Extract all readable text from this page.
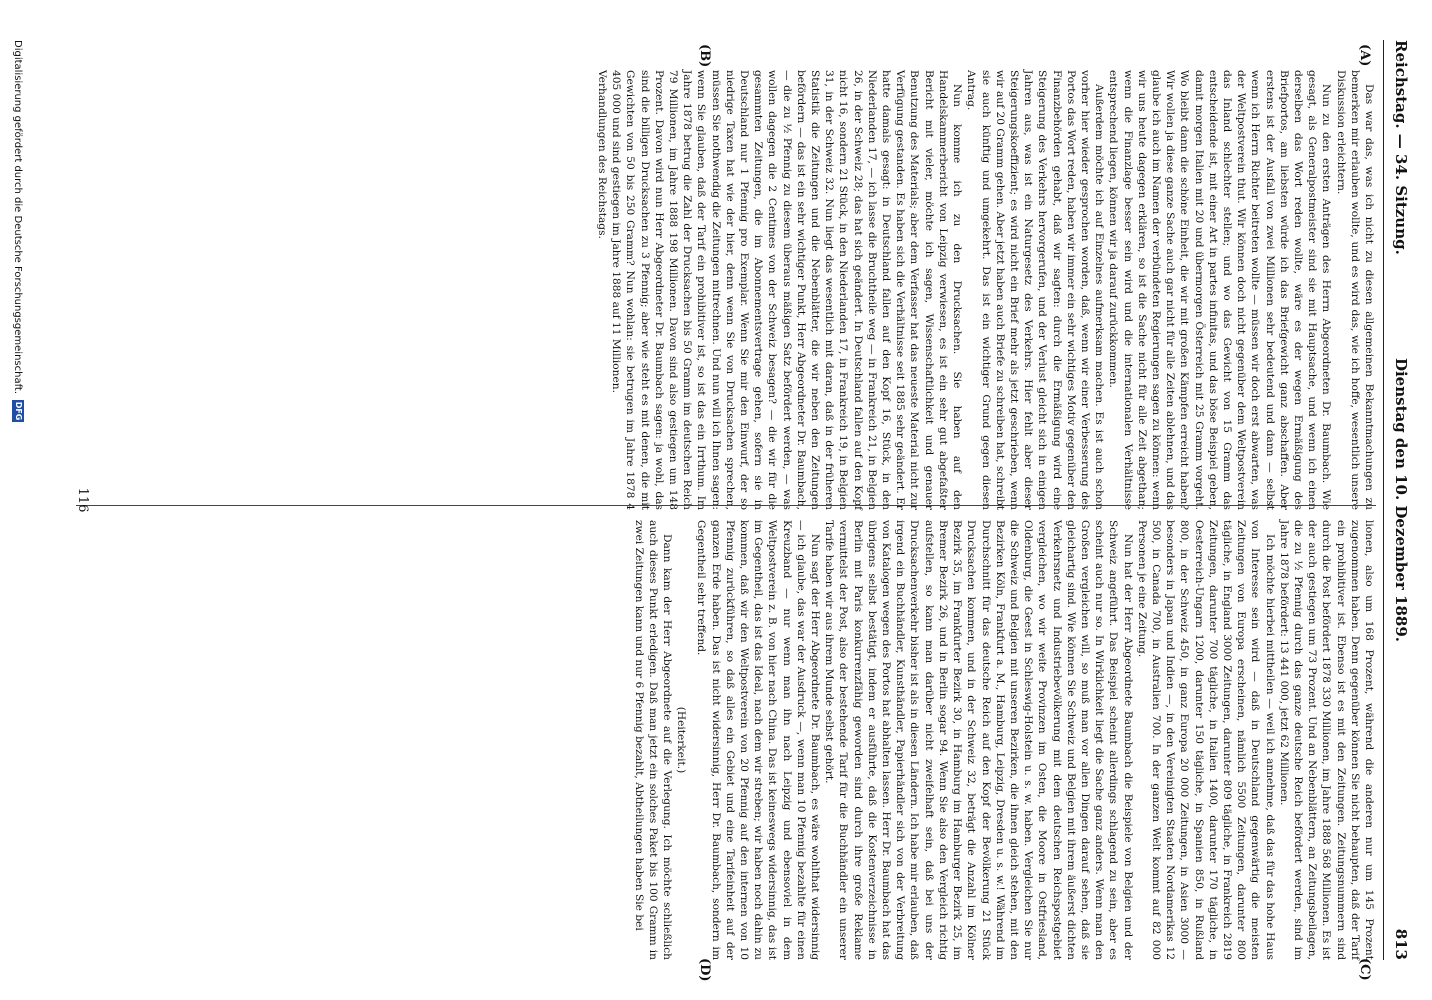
Reichstag. — 34. Sitzung.
Dienstag den 10. Dezember 1889.
813
(A)
(B)
(C)
(D)

Das war das, was ich nicht zu diesen allgemeinen Bekanntmachungen zu bemerken mir erlauben wollte, und es wird das, wie ich hoffe, wesentlich unsere Diskussion erleichtern.

Nun zu den ersten Anträgen des Herrn Abgeordneten Dr. Baumbach. Wie gesagt, als Generalpostmeister sind sie mit Hauptsache, und wenn ich einen derselben das Wort reden wollte, wäre es der wegen Ermäßigung des Briefportos, am liebsten würde ich das Briefgewicht ganz abschaffen. Aber erstens ist der Ausfall von zwei Millionen sehr bedeutend und dann — selbst wenn ich Herrn Richter beitreten wollte — müssen wir doch erst abwarten, was der Weltpostverein thut. Wir können doch nicht gegenüber dem Weltpostverein das Inland schlechter stellen; und wo das Gewicht von 15 Gramm das entscheidende ist, mit einer Art in partes infinitas, und das böse Beispiel geben, damit morgen Italien mit 20 und übermorgen Österreich mit 25 Gramm vorgeht. Wo bleibt dann die schöne Einheit, die wir mit großen Kämpfen erreicht haben? Wir wollen ja diese ganze Sache auch gar nicht für alle Zeiten ablehnen, und das glaube ich auch im Namen der verbündeten Regierungen sagen zu können: wenn wir uns heute dagegen erklären, so ist die Sache nicht für alle Zeit abgethan; wenn die Finanzlage besser sein wird und die internationalen Verhältnisse entsprechend liegen, können wir ja darauf zurückkommen.

Außerdem möchte ich auf Einzelnes aufmerksam machen. Es ist auch schon vorher hier wieder gesprochen worden, daß, wenn wir einer Verbesserung des Portos das Wort reden, haben wir immer ein sehr wichtiges Motiv gegenüber den Finanzbehörden gehabt, daß wir sagten: durch die Ermäßigung wird eine Steigerung des Verkehrs hervorgerufen, und der Verlust gleicht sich in einigen Jahren aus, was ist ein Naturgesetz des Verkehrs. Hier fehlt aber dieser Steigerungskoeffizient; es wird nicht ein Brief mehr als jetzt geschrieben, wenn wir auf 20 Gramm gehen. Aber jetzt haben auch Briefe zu schreiben hat, schreibt sie auch künftig und umgekehrt. Das ist ein wichtiger Grund gegen diesen Antrag.

Nun komme ich zu den Drucksachen. Sie haben auf den Handelskammerbericht von Leipzig verwiesen, es ist ein sehr gut abgefaßter Bericht mit vieler, möchte ich sagen, Wissenschaftlichkeit und genauer Benutzung des Materials; aber dem Verfasser hat das neueste Material nicht zur Verfügung gestanden. Es haben sich die Verhältnisse seit 1885 sehr geändert. Er hatte damals gesagt: in Deutschland fallen auf den Kopf 16, Stück, in den Niederlanden 17, — ich lasse die Bruchtheile weg — in Frankreich 21, in Belgien 26, in der Schweiz 28; das hat sich geändert. In Deutschland fallen auf den Kopf nicht 16, sondern 21 Stück, in den Niederlanden 17, in Frankreich 19, in Belgien 31, in der Schweiz 32. Nun liegt das wesentlich mit daran, daß in der früheren Statistik die Zeitungen und die Nebenblätter, die wir neben den Zeitungen befördern — das ist ein sehr wichtiger Punkt, Herr Abgeordneter Dr. Baumbach, — die zu ½ Pfennig zu diesem überaus mäßigen Satz befördert werden, — was wollen dagegen die 2 Centimes von der Schweiz besagen? — die wir für die gesammten Zeitungen, die im Abonnementsvertrage gehen, sofern sie in Deutschland nur 1 Pfennig pro Exemplar. Wenn Sie mir den Einwurf, der so niedrige Taxen hat wie der hier, denn wenn Sie von Drucksachen sprechen, müssen Sie nothwendig die Zeitungen mitrechnen. Und nun will ich Ihnen sagen: wenn Sie glauben, daß der Tarif ein prohibitiver ist, so ist das ein Irrthum. Im Jahre 1878 betrug die Zahl der Drucksachen bis 50 Gramm im deutschen Reich 79 Millionen, im Jahre 1888 198 Millionen. Davon sind also gestiegen um 148 Prozent. Davon wird nun Herr Abgeordneter Dr. Baumbach sagen: ja wohl, das sind die billigen Drucksachen zu 3 Pfennig; aber wie steht es mit denen, die mit Gewichten von 50 bis 250 Gramm? Nun wohlan: sie betrugen im Jahre 1878 4 405 000 und sind gestiegen im Jahre 1888 auf 11 Millionen.

Verhandlungen des Reichstags.

lionen, also um 168 Prozent, während die anderen nur um 145 Prozent zugenommen haben. Denn gegenüber können Sie nicht behaupten, daß der Tarif ein prohibitiver ist. Ebenso ist es mit den Zeitungen. Zeitungsnummern sind durch die Post befördert 1878 330 Millionen, im Jahre 1888 568 Millionen. Es ist der auch gestiegen um 73 Prozent. Und an Nebenblättern, an Zeitungsbeilagen, die zu ½ Pfennig durch das ganze deutsche Reich befördert werden, sind im Jahre 1878 befördert: 13 441 000, jetzt 62 Millionen.

Ich möchte hierbei mittheilen — weil ich annehme, daß das für das hohe Haus von Interesse sein wird — daß in Deutschland gegenwärtig die meisten Zeitungen von Europa erscheinen, nämlich 5500 Zeitungen, darunter 800 tägliche, in England 3000 Zeitungen, darunter 809 tägliche, in Frankreich 2819 Zeitungen, darunter 700 tägliche, in Italien 1400, darunter 170 tägliche, in Oesterreich-Ungarn 1200, darunter 150 tägliche, in Spanien 850, in Rußland 800, in der Schweiz 450, in ganz Europa 20 000 Zeitungen, in Asien 3000 — besonders in Japan und Indien —, in den Vereinigten Staaten Nordamerikas 12 500, in Canada 700, in Australien 700. In der ganzen Welt kommt auf 82 000 Personen je eine Zeitung.

Nun hat der Herr Abgeordnete Baumbach die Beispiele von Belgien und der Schweiz angeführt. Das Beispiel scheint allerdings schlagend zu sein, aber es scheint auch nur so. In Wirklichkeit liegt die Sache ganz anders. Wenn man den Großen vergleichen will, so muß man vor allen Dingen darauf sehen, daß sie gleichartig sind. Wie können Sie Schweiz und Belgien mit ihrem äußerst dichten Verkehrsnetz und Industriebevölkerung mit dem deutschen Reichspostgebiet vergleichen, wo wir weite Provinzen im Osten, die Moore in Ostfriesland, Oldenburg, die Geest in Schleswig-Holstein u. s. w. haben. Vergleichen Sie nur die Schweiz und Belgien mit unseren Bezirken, die ihnen gleich stehen, mit den Bezirken Köln, Frankfurt a. M., Hamburg, Leipzig, Dresden u. s. w.! Während im Durchschnitt für das deutsche Reich auf den Kopf der Bevölkerung 21 Stück Drucksachen kommen, und in der Schweiz 32, beträgt die Anzahl im Kölner Bezirk 35, im Frankfurter Bezirk 30, in Hamburg im Hamburger Bezirk 25, im Bremer Bezirk 26, und in Berlin sogar 94. Wenn Sie also den Vergleich richtig aufstellen, so kann man darüber nicht zweifelhaft sein, daß bei uns der Drucksachenverkehr bisher ist als in diesen Ländern. Ich habe mir erlauben, daß irgend ein Buchhändler, Kunsthändler, Papierhändler sich von der Verbreitung von Katalogen wegen des Portos hat abhalten lassen. Herr Dr. Baumbach hat das übrigens selbst bestätigt, indem er ausführte, daß die Kostenverzeichnisse in Berlin mit Paris konkurrenzfähig geworden sind durch ihre große Reklame vermittelst der Post, also der bestehende Tarif für die Buchhändler ein unserer Tarife haben wir aus ihrem Munde selbst gehört.

Nun sagt der Herr Abgeordnete Dr. Baumbach, es wäre wohlthat widersinnig — ich glaube, das war der Ausdruck —, wenn man 10 Pfennig bezahlte für einen Kreuzband — nur wenn man ihn nach Leipzig und ebensoviel in dem Weltpostverein z. B. von hier nach China. Das ist keineswegs widersinnig, das ist im Gegentheil, das ist das Ideal, nach dem wir streben; wir haben noch dahin zu kommen, daß wir den Weltpostverein von 20 Pfennig auf den internen von 10 Pfennig zurückführen, so daß alles ein Gebiet und eine Tarifeinheit auf der ganzen Erde haben. Das ist nicht widersinnig, Herr Dr. Baumbach, sondern im Gegentheil sehr treffend.

(Heiterkeit.)

Dann kam der Herr Abgeordnete auf die Verlegung. Ich möchte schließlich auch dieses Punkt erledigen. Daß man jetzt ein solches Paket bis 100 Gramm in zwei Zeitungen kann und nur 6 Pfennig bezahlt, Abtheilungen haben Sie bei

116
Digitalisierung gefördert durch die Deutsche Forschungsgemeinschaft.
DFG
